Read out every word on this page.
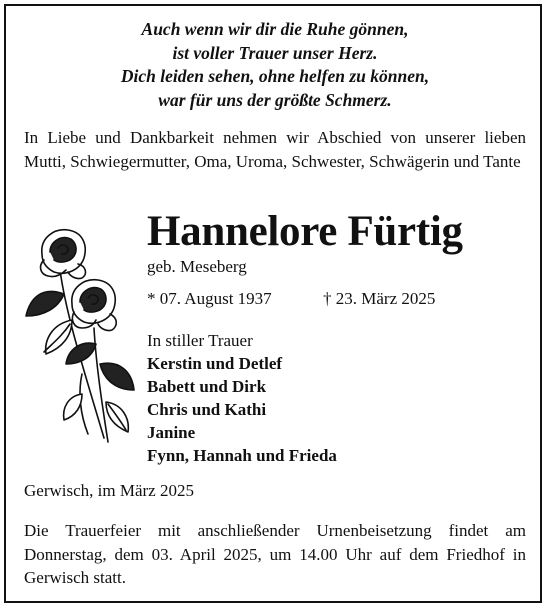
Auch wenn wir dir die Ruhe gönnen,
ist voller Trauer unser Herz.
Dich leiden sehen, ohne helfen zu können,
war für uns der größte Schmerz.
In Liebe und Dankbarkeit nehmen wir Abschied von unserer lieben Mutti, Schwiegermutter, Oma, Uroma, Schwester, Schwägerin und Tante
Hannelore Fürtig
geb. Meseberg
* 07. August 1937	† 23. März 2025
In stiller Trauer
Kerstin und Detlef
Babett und Dirk
Chris und Kathi
Janine
Fynn, Hannah und Frieda
Gerwisch, im März 2025
Die Trauerfeier mit anschließender Urnenbeisetzung findet am Donnerstag, dem 03. April 2025, um 14.00 Uhr auf dem Friedhof in Gerwisch statt.
